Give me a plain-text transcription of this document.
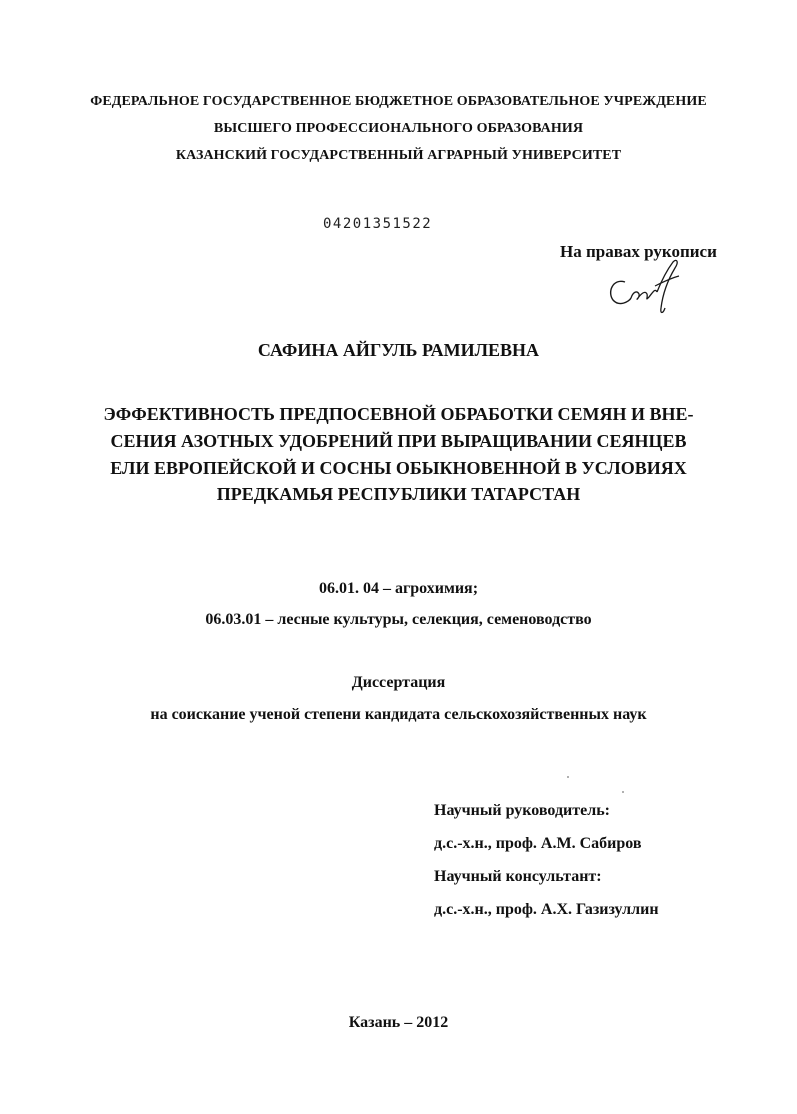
ФЕДЕРАЛЬНОЕ ГОСУДАРСТВЕННОЕ БЮДЖЕТНОЕ ОБРАЗОВАТЕЛЬНОЕ УЧРЕЖДЕНИЕ
ВЫСШЕГО ПРОФЕССИОНАЛЬНОГО ОБРАЗОВАНИЯ
КАЗАНСКИЙ ГОСУДАРСТВЕННЫЙ АГРАРНЫЙ УНИВЕРСИТЕТ
04201351522
На правах рукописи
САФИНА АЙГУЛЬ РАМИЛЕВНА
ЭФФЕКТИВНОСТЬ ПРЕДПОСЕВНОЙ ОБРАБОТКИ СЕМЯН И ВНЕ-
СЕНИЯ АЗОТНЫХ УДОБРЕНИЙ ПРИ ВЫРАЩИВАНИИ СЕЯНЦЕВ
ЕЛИ ЕВРОПЕЙСКОЙ И СОСНЫ ОБЫКНОВЕННОЙ В УСЛОВИЯХ
ПРЕДКАМЬЯ РЕСПУБЛИКИ ТАТАРСТАН
06.01. 04 – агрохимия;
06.03.01 – лесные культуры, селекция, семеноводство
Диссертация
на соискание ученой степени кандидата сельскохозяйственных наук
Научный руководитель:
д.с.-х.н., проф. А.М. Сабиров
Научный консультант:
д.с.-х.н., проф. А.Х. Газизуллин
Казань – 2012
